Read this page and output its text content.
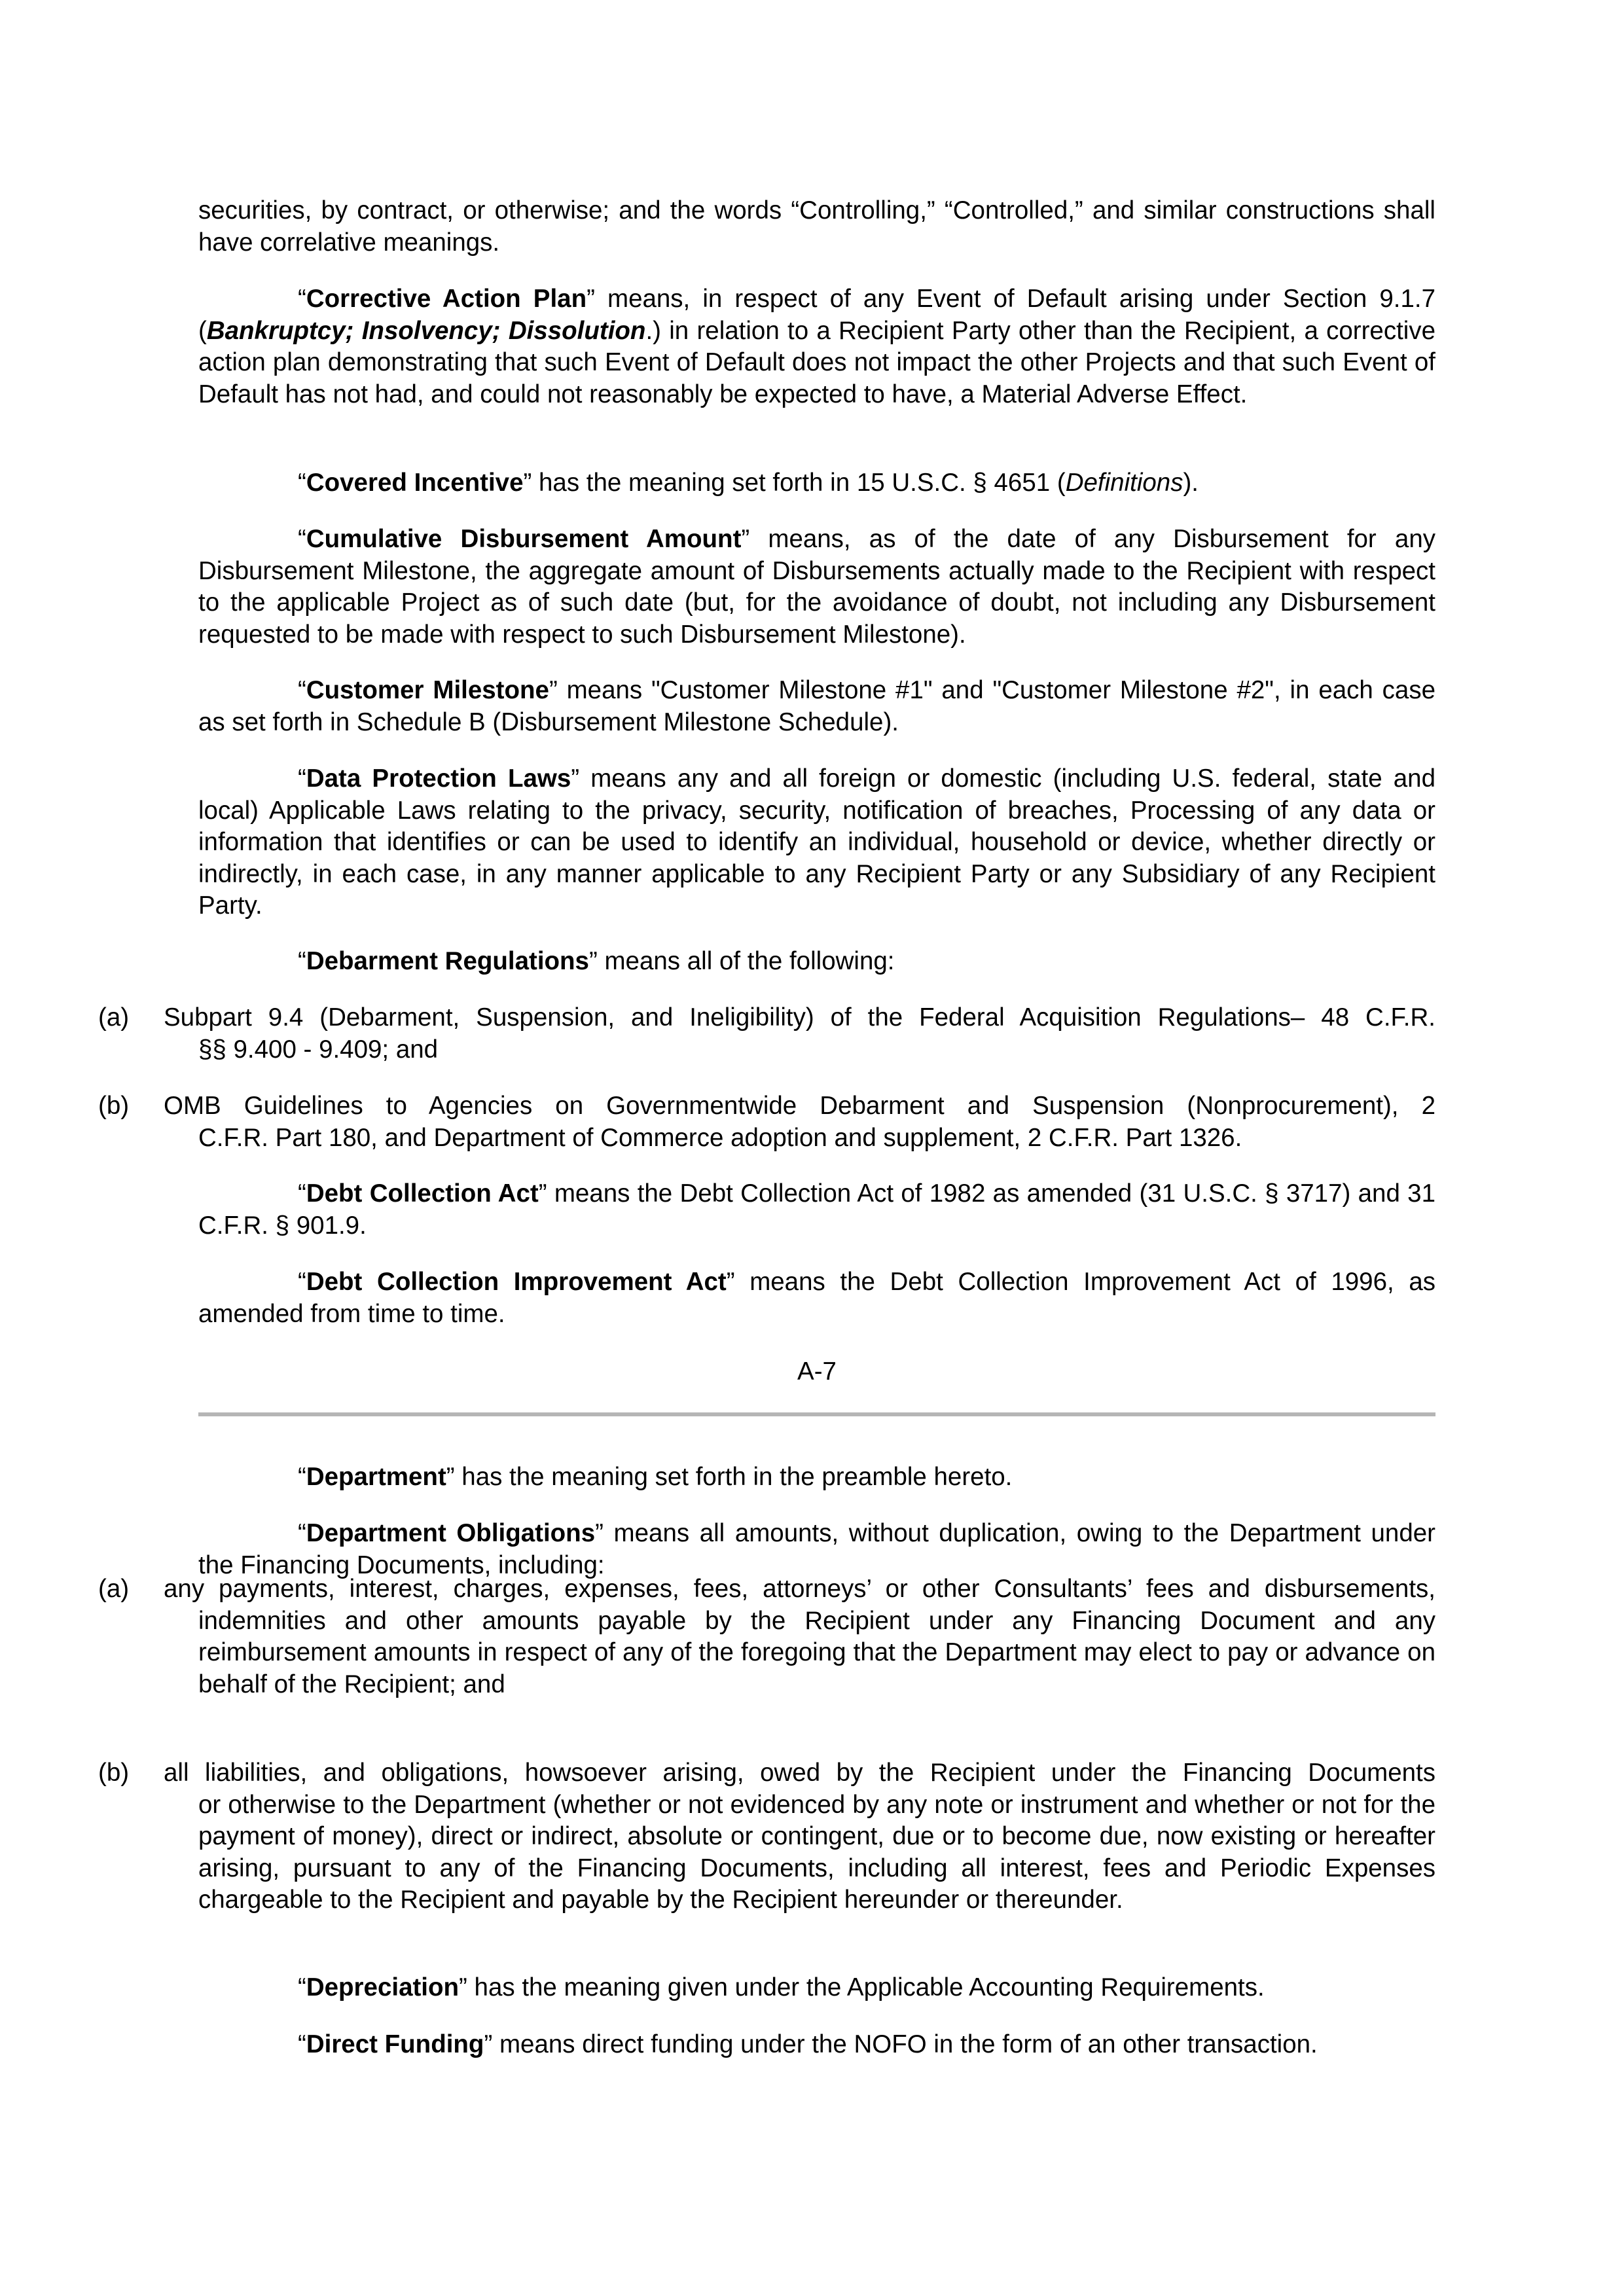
securities, by contract, or otherwise; and the words “Controlling,” “Controlled,” and similar constructions shall have correlative meanings.

“Corrective Action Plan” means, in respect of any Event of Default arising under Section 9.1.7 (Bankruptcy; Insolvency; Dissolution.) in relation to a Recipient Party other than the Recipient, a corrective action plan demonstrating that such Event of Default does not impact the other Projects and that such Event of Default has not had, and could not reasonably be expected to have, a Material Adverse Effect.

“Covered Incentive” has the meaning set forth in 15 U.S.C. § 4651 (Definitions).

“Cumulative Disbursement Amount” means, as of the date of any Disbursement for any Disbursement Milestone, the aggregate amount of Disbursements actually made to the Recipient with respect to the applicable Project as of such date (but, for the avoidance of doubt, not including any Disbursement requested to be made with respect to such Disbursement Milestone).

“Customer Milestone” means "Customer Milestone #1" and "Customer Milestone #2", in each case as set forth in Schedule B (Disbursement Milestone Schedule).

“Data Protection Laws” means any and all foreign or domestic (including U.S. federal, state and local) Applicable Laws relating to the privacy, security, notification of breaches, Processing of any data or information that identifies or can be used to identify an individual, household or device, whether directly or indirectly, in each case, in any manner applicable to any Recipient Party or any Subsidiary of any Recipient Party.

“Debarment Regulations” means all of the following:

(a) Subpart 9.4 (Debarment, Suspension, and Ineligibility) of the Federal Acquisition Regulations– 48 C.F.R.
§§ 9.400 - 9.409; and
(b) OMB Guidelines to Agencies on Governmentwide Debarment and Suspension (Nonprocurement), 2
C.F.R. Part 180, and Department of Commerce adoption and supplement, 2 C.F.R. Part 1326.

“Debt Collection Act” means the Debt Collection Act of 1982 as amended (31 U.S.C. § 3717) and 31 C.F.R. § 901.9.

“Debt Collection Improvement Act” means the Debt Collection Improvement Act of 1996, as amended from time to time.

A-7

“Department” has the meaning set forth in the preamble hereto.

“Department Obligations” means all amounts, without duplication, owing to the Department under the Financing Documents, including:

(a) any payments, interest, charges, expenses, fees, attorneys’ or other Consultants’ fees and disbursements,
indemnities and other amounts payable by the Recipient under any Financing Document and any reimbursement amounts in respect of any of the foregoing that the Department may elect to pay or advance on behalf of the Recipient; and
(b) all liabilities, and obligations, howsoever arising, owed by the Recipient under the Financing Documents
or otherwise to the Department (whether or not evidenced by any note or instrument and whether or not for the payment of money), direct or indirect, absolute or contingent, due or to become due, now existing or hereafter arising, pursuant to any of the Financing Documents, including all interest, fees and Periodic Expenses chargeable to the Recipient and payable by the Recipient hereunder or thereunder.

“Depreciation” has the meaning given under the Applicable Accounting Requirements.

“Direct Funding” means direct funding under the NOFO in the form of an other transaction.
